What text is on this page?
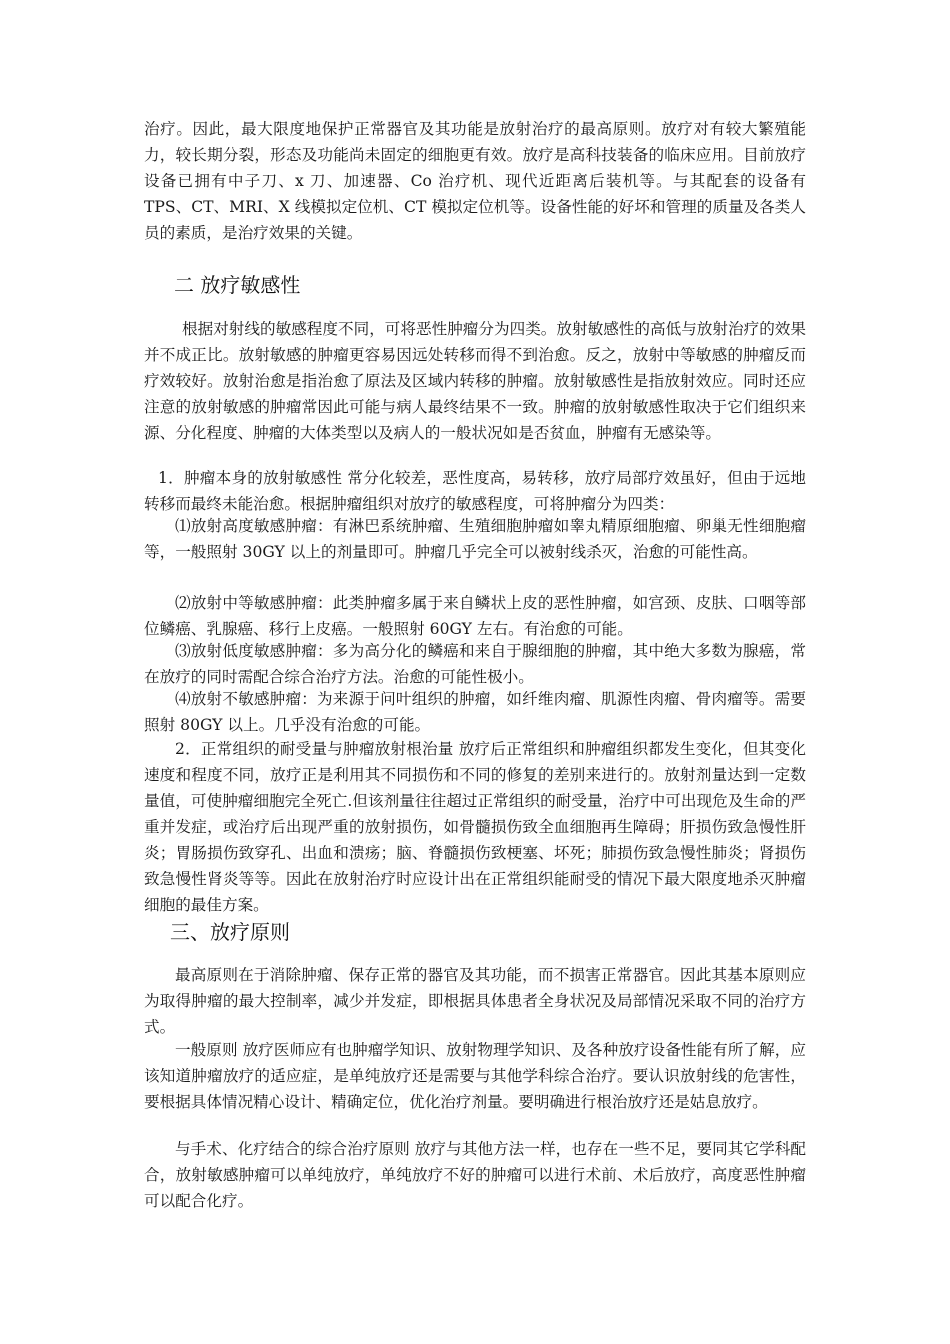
治疗。因此，最大限度地保护正常器官及其功能是放射治疗的最高原则。放疗对有较大繁殖能力，较长期分裂，形态及功能尚未固定的细胞更有效。放疗是高科技装备的临床应用。目前放疗设备已拥有中子刀、x 刀、加速器、Co 治疗机、现代近距离后装机等。与其配套的设备有 TPS、CT、MRI、X 线模拟定位机、CT 模拟定位机等。设备性能的好坏和管理的质量及各类人员的素质，是治疗效果的关键。

二 放疗敏感性

根据对射线的敏感程度不同，可将恶性肿瘤分为四类。放射敏感性的高低与放射治疗的效果并不成正比。放射敏感的肿瘤更容易因远处转移而得不到治愈。反之，放射中等敏感的肿瘤反而疗效较好。放射治愈是指治愈了原法及区域内转移的肿瘤。放射敏感性是指放射效应。同时还应注意的放射敏感的肿瘤常因此可能与病人最终结果不一致。肿瘤的放射敏感性取决于它们组织来源、分化程度、肿瘤的大体类型以及病人的一般状况如是否贫血，肿瘤有无感染等。

1．肿瘤本身的放射敏感性 常分化较差，恶性度高，易转移，放疗局部疗效虽好，但由于远地转移而最终未能治愈。根据肿瘤组织对放疗的敏感程度，可将肿瘤分为四类：

⑴放射高度敏感肿瘤：有淋巴系统肿瘤、生殖细胞肿瘤如睾丸精原细胞瘤、卵巢无性细胞瘤等，一般照射 30GY 以上的剂量即可。肿瘤几乎完全可以被射线杀灭，治愈的可能性高。

⑵放射中等敏感肿瘤：此类肿瘤多属于来自鳞状上皮的恶性肿瘤，如宫颈、皮肤、口咽等部位鳞癌、乳腺癌、移行上皮癌。一般照射 60GY 左右。有治愈的可能。

⑶放射低度敏感肿瘤：多为高分化的鳞癌和来自于腺细胞的肿瘤，其中绝大多数为腺癌，常在放疗的同时需配合综合治疗方法。治愈的可能性极小。

⑷放射不敏感肿瘤：为来源于问叶组织的肿瘤，如纤维肉瘤、肌源性肉瘤、骨肉瘤等。需要照射 80GY 以上。几乎没有治愈的可能。

2．正常组织的耐受量与肿瘤放射根治量 放疗后正常组织和肿瘤组织都发生变化，但其变化速度和程度不同，放疗正是利用其不同损伤和不同的修复的差别来进行的。放射剂量达到一定数量值，可使肿瘤细胞完全死亡.但该剂量往往超过正常组织的耐受量，治疗中可出现危及生命的严重并发症，或治疗后出现严重的放射损伤，如骨髓损伤致全血细胞再生障碍；肝损伤致急慢性肝炎；胃肠损伤致穿孔、出血和溃疡；脑、脊髓损伤致梗塞、坏死；肺损伤致急慢性肺炎；肾损伤致急慢性肾炎等等。因此在放射治疗时应设计出在正常组织能耐受的情况下最大限度地杀灭肿瘤细胞的最佳方案。

三、放疗原则

最高原则在于消除肿瘤、保存正常的器官及其功能，而不损害正常器官。因此其基本原则应为取得肿瘤的最大控制率，减少并发症，即根据具体患者全身状况及局部情况采取不同的治疗方式。

一般原则 放疗医师应有也肿瘤学知识、放射物理学知识、及各种放疗设备性能有所了解，应该知道肿瘤放疗的适应症，是单纯放疗还是需要与其他学科综合治疗。要认识放射线的危害性，要根据具体情况精心设计、精确定位，优化治疗剂量。要明确进行根治放疗还是姑息放疗。

与手术、化疗结合的综合治疗原则 放疗与其他方法一样，也存在一些不足，要同其它学科配合，放射敏感肿瘤可以单纯放疗，单纯放疗不好的肿瘤可以进行术前、术后放疗，高度恶性肿瘤可以配合化疗。
